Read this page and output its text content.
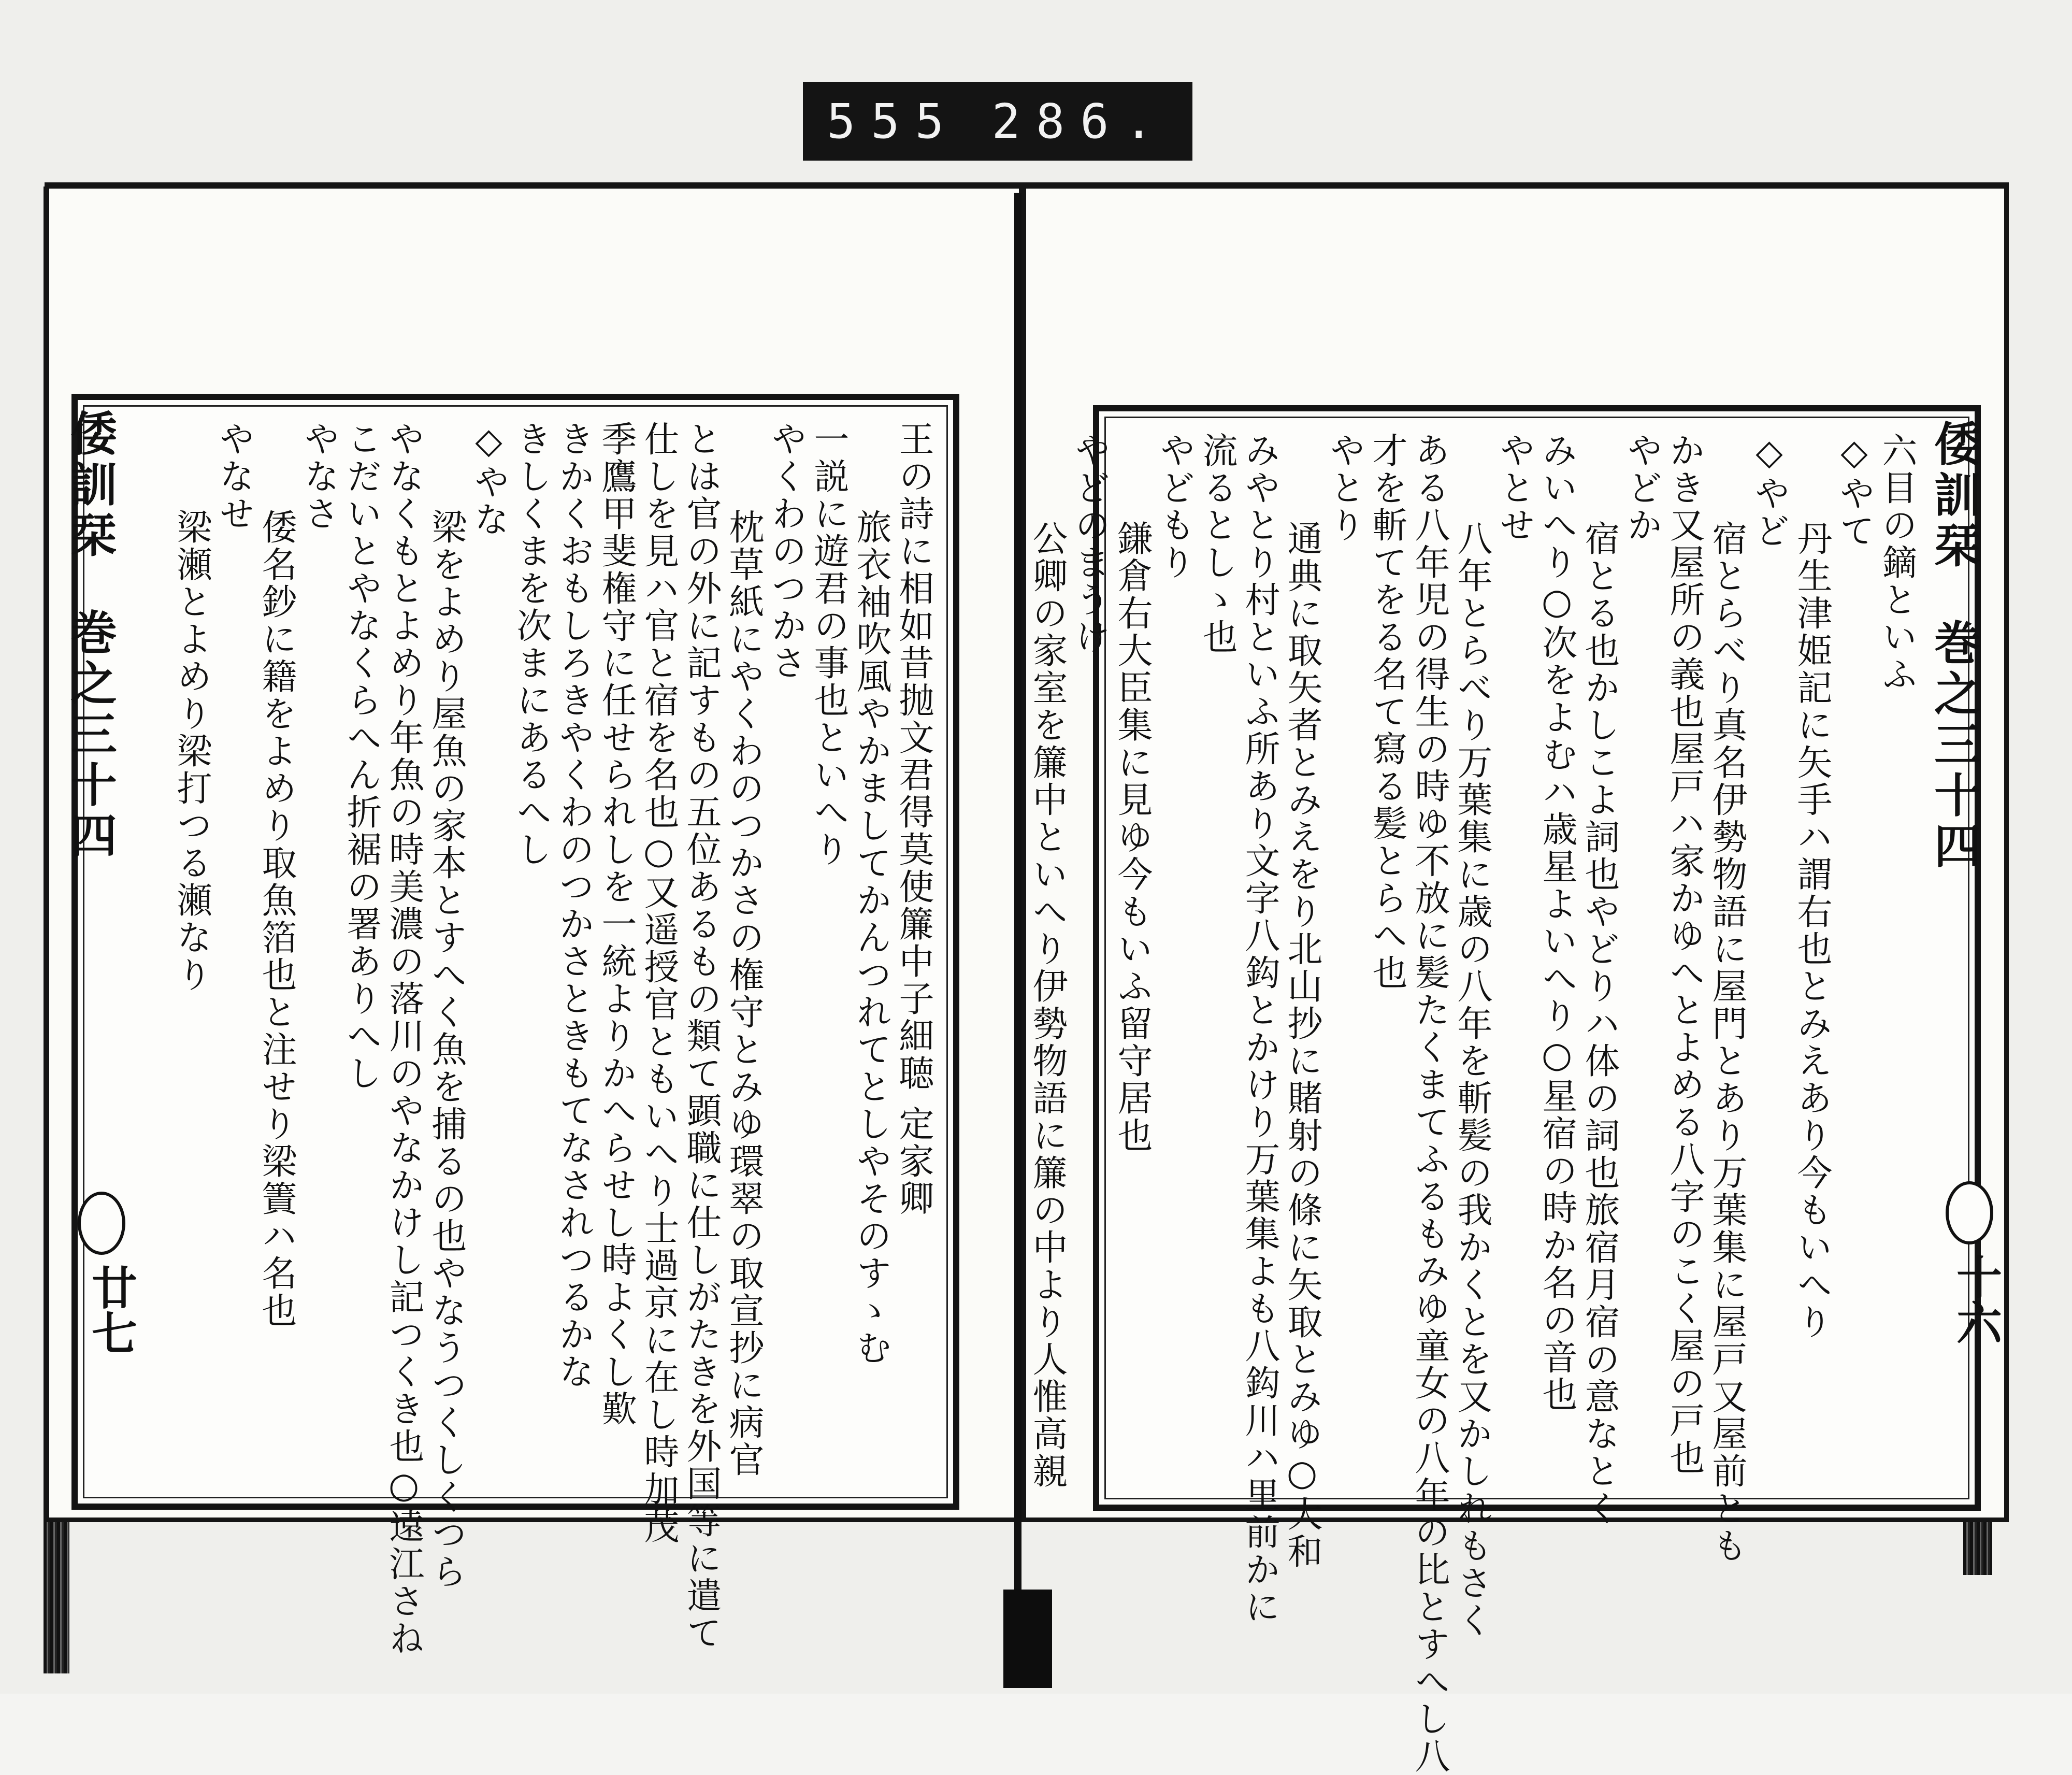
555 286.
王の詩に相如昔抛文君得莫使簾中子細聴 定家卿
旅衣袖吹風やかましてかんつれてとしやそのすゝむ
一説に遊君の事也といへり
やくわのつかさ
枕草紙にやくわのつかさの権守とみゆ環翠の取宣抄に病官
とは官の外に記すもの五位あるもの類て顕職に仕しがたきを外国等に遣て
仕しを見ハ官と宿を名也○又遥授官ともいへり士過京に在し時加茂
季鷹甲斐権守に任せられしを一統よりかへらせし時よくし歎
きかくおもしろきやくわのつかさときもてなされつるかな
きしくまを次まにあるへし
◇やな
梁をよめり屋魚の家本とすへく魚を捕るの也やなうつくしくつら
やなくもとよめり年魚の時美濃の落川のやなかけし記つくき也○遠江さね
こだいとやなくらへん折裾の署ありへし
やなさ
倭名鈔に籍をよめり取魚箔也と注せり梁簀ハ名也
やなせ
梁瀬とよめり梁打つる瀬なり
倭訓栞巻之三十四
廿七
六目の鏑といふ
◇やて
丹生津姫記に矢手ハ謂右也とみえあり今もいへり
◇やど
宿とらべり真名伊勢物語に屋門とあり万葉集に屋戸又屋前とも
かき又屋所の義也屋戸ハ家かゆへとよめる八字のこく屋の戸也
やどか
宿とる也かしこよ詞也やどりハ体の詞也旅宿月宿の意なとく
みいへり○次をよむハ歳星よいへり○星宿の時か名の音也
やとせ
八年とらべり万葉集に歳の八年を斬髪の我かくとを又かしれもさく
ある八年児の得生の時ゆ不放に髪たくまてふるもみゆ童女の八年の比とすへし八
才を斬てをる名て寫る髪とらへ也
やとり
通典に取矢者とみえをり北山抄に賭射の條に矢取とみゆ○大和
みやとり村といふ所あり文字八鈎とかけり万葉集よも八鈎川ハ里前かに
流るとしゝ也
やどもり
鎌倉右大臣集に見ゆ今もいふ留守居也
やどのまうけ
公卿の家室を簾中といへり伊勢物語に簾の中より人惟高親
倭訓栞巻之三十四
十六
